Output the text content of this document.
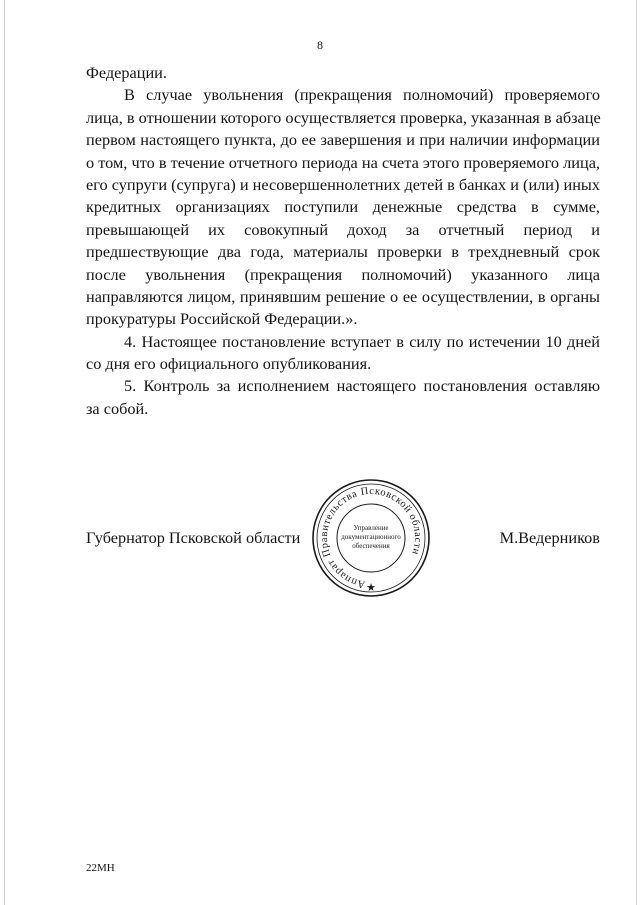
8
Федерации.
В случае увольнения (прекращения полномочий) проверяемого
лица, в отношении которого осуществляется проверка, указанная в абзаце
первом настоящего пункта, до ее завершения и при наличии информации
о том, что в течение отчетного периода на счета этого проверяемого лица,
его супруги (супруга) и несовершеннолетних детей в банках и (или) иных
кредитных организациях поступили денежные средства в сумме,
превышающей их совокупный доход за отчетный период и
предшествующие два года, материалы проверки в трехдневный срок
после увольнения (прекращения полномочий) указанного лица
направляются лицом, принявшим решение о ее осуществлении, в органы
прокуратуры Российской Федерации.».
4. Настоящее постановление вступает в силу по истечении 10 дней
со дня его официального опубликования.
5. Контроль за исполнением настоящего постановления оставляю
за собой.
Губернатор Псковской области
Аппарат Правительства Псковской области
Управление
документационного
обеспечения
★
М.Ведерников
22МН
